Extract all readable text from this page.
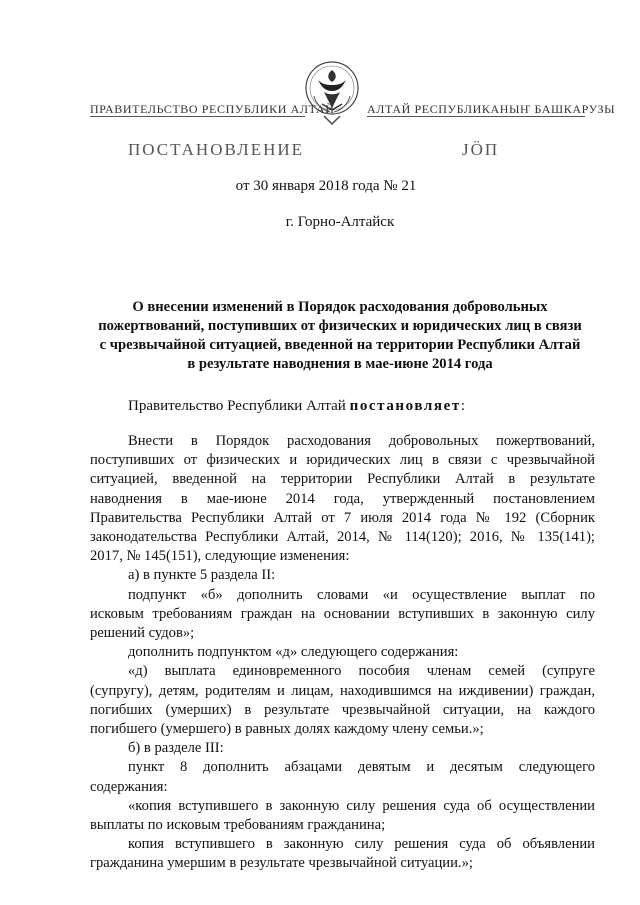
ПРАВИТЕЛЬСТВО РЕСПУБЛИКИ АЛТАЙ	АЛТАЙ РЕСПУБЛИКАНЫҤ БАШКАРУЗЫ
ПОСТАНОВЛЕНИЕ	JÖП
от 30 января 2018 года № 21
г. Горно-Алтайск
О внесении изменений в Порядок расходования добровольных
пожертвований, поступивших от физических и юридических лиц в связи
с чрезвычайной ситуацией, введенной на территории Республики Алтай
в результате наводнения в мае-июне 2014 года
Правительство Республики Алтай постановляет:

Внести в Порядок расходования добровольных пожертвований,

поступивших от физических и юридических лиц в связи с чрезвычайной

ситуацией, введенной на территории Республики Алтай в результате

наводнения в мае-июне 2014 года, утвержденный постановлением

Правительства Республики Алтай от 7 июля 2014 года № 192 (Сборник

законодательства Республики Алтай, 2014, № 114(120); 2016, № 135(141);

2017, № 145(151), следующие изменения:

а) в пункте 5 раздела II:

подпункт «б» дополнить словами «и осуществление выплат по

исковым требованиям граждан на основании вступивших в законную силу

решений судов»;

дополнить подпунктом «д» следующего содержания:

«д) выплата единовременного пособия членам семей (супруге

(супругу), детям, родителям и лицам, находившимся на иждивении) граждан,

погибших (умерших) в результате чрезвычайной ситуации, на каждого

погибшего (умершего) в равных долях каждому члену семьи.»;

б) в разделе III:

пункт 8 дополнить абзацами девятым и десятым следующего

содержания:

«копия вступившего в законную силу решения суда об осуществлении

выплаты по исковым требованиям гражданина;

копия вступившего в законную силу решения суда об объявлении

гражданина умершим в результате чрезвычайной ситуации.»;
